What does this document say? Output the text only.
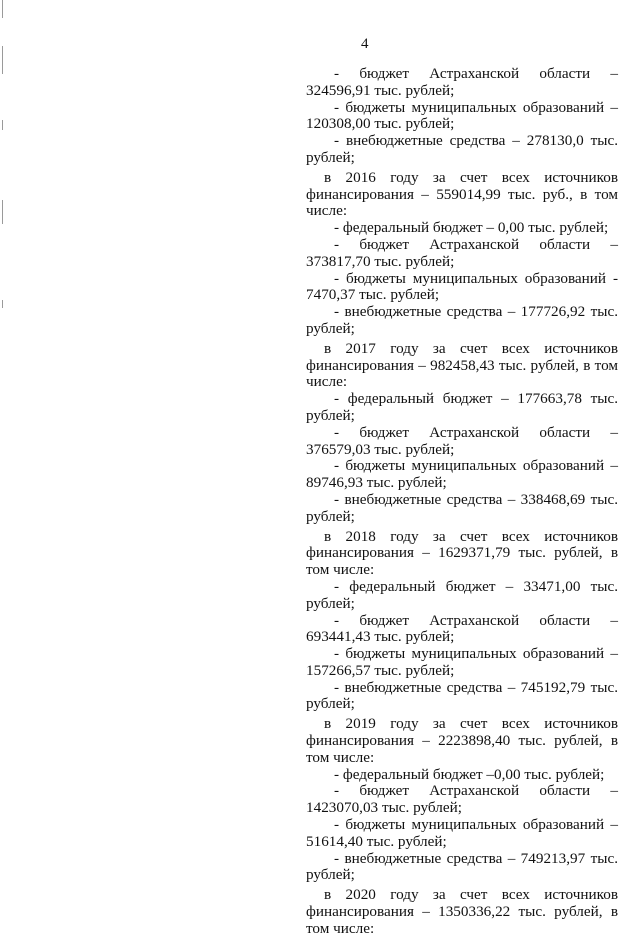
4

- бюджет Астраханской области – 324596,91 тыс. рублей;

- бюджеты муниципальных образований – 120308,00 тыс. рублей;

- внебюджетные средства – 278130,0 тыс. рублей;

в 2016 году за счет всех источников финансирования – 559014,99 тыс. руб., в том числе:

- федеральный бюджет – 0,00 тыс. рублей;

- бюджет Астраханской области – 373817,70 тыс. рублей;

- бюджеты муниципальных образований - 7470,37 тыс. рублей;

- внебюджетные средства – 177726,92 тыс. рублей;

в 2017 году за счет всех источников финансирования – 982458,43 тыс. рублей, в том числе:

- федеральный бюджет – 177663,78 тыс. рублей;

- бюджет Астраханской области – 376579,03 тыс. рублей;

- бюджеты муниципальных образований – 89746,93 тыс. рублей;

- внебюджетные средства – 338468,69 тыс. рублей;

в 2018 году за счет всех источников финансирования – 1629371,79 тыс. рублей, в том числе:

- федеральный бюджет – 33471,00 тыс. рублей;

- бюджет Астраханской области – 693441,43 тыс. рублей;

- бюджеты муниципальных образований – 157266,57 тыс. рублей;

- внебюджетные средства – 745192,79 тыс. рублей;

в 2019 году за счет всех источников финансирования – 2223898,40 тыс. рублей, в том числе:

- федеральный бюджет –0,00 тыс. рублей;

- бюджет Астраханской области –1423070,03 тыс. рублей;

- бюджеты муниципальных образований – 51614,40 тыс. рублей;

- внебюджетные средства – 749213,97 тыс. рублей;

в 2020 году за счет всех источников финансирования – 1350336,22 тыс. рублей, в том числе:
